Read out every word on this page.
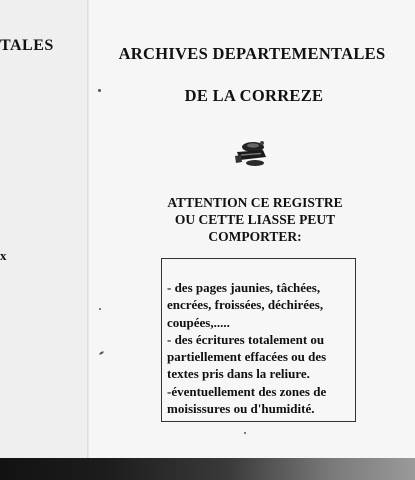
TALES
x
ARCHIVES DEPARTEMENTALES
DE LA CORREZE
ATTENTION CE REGISTRE
OU CETTE LIASSE PEUT
COMPORTER:
- des pages jaunies, tâchées,
encrées, froissées, déchirées,
coupées,.....
- des écritures totalement ou
partiellement effacées ou des
textes pris dans la reliure.
-éventuellement des zones de
moisissures ou d'humidité.
